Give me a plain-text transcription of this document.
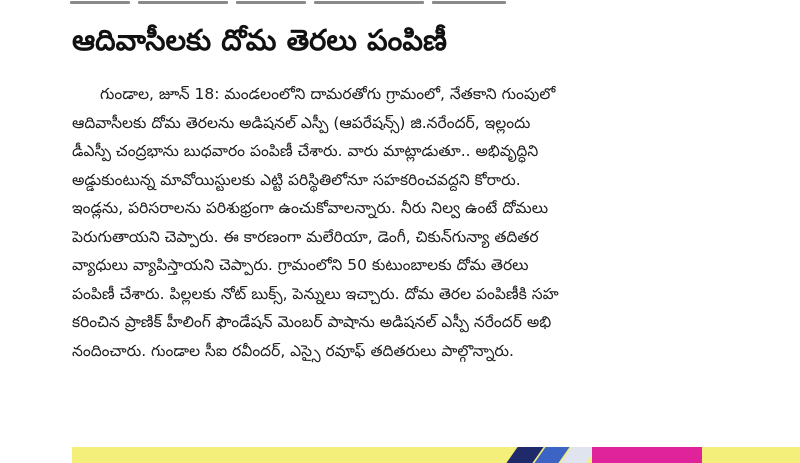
ఆదివాసీలకు దోమ తెరలు పంపిణీ
గుండాల, జూన్ 18: మండలంలోని దామరతోగు గ్రామంలో, నేతకాని గుంపులో
ఆదివాసీలకు దోమ తెరలను అడిషనల్ ఎస్పీ (ఆపరేషన్స్) జి.నరేందర్, ఇల్లందు
డీఎస్పీ చంద్రభాను బుధవారం పంపిణీ చేశారు. వారు మాట్లాడుతూ.. అభివృద్ధిని
అడ్డుకుంటున్న మావోయిస్టులకు ఎట్టి పరిస్థితిలోనూ సహకరించవద్దని కోరారు.
ఇండ్లను, పరిసరాలను పరిశుభ్రంగా ఉంచుకోవాలన్నారు. నీరు నిల్వ ఉంటే దోమలు
పెరుగుతాయని చెప్పారు. ఈ కారణంగా మలేరియా, డెంగీ, చికున్‌గున్యా తదితర
వ్యాధులు వ్యాపిస్తాయని చెప్పారు. గ్రామంలోని 50 కుటుంబాలకు దోమ తెరలు
పంపిణీ చేశారు. పిల్లలకు నోట్ బుక్స్, పెన్నులు ఇచ్చారు. దోమ తెరల పంపిణీకి సహ
కరించిన ప్రాణిక్ హీలింగ్ ఫౌండేషన్ మెంబర్ పాషాను అడిషనల్ ఎస్పీ నరేందర్ అభి
నందించారు. గుండాల సీఐ రవీందర్, ఎస్సై రవూఫ్ తదితరులు పాల్గొన్నారు.
